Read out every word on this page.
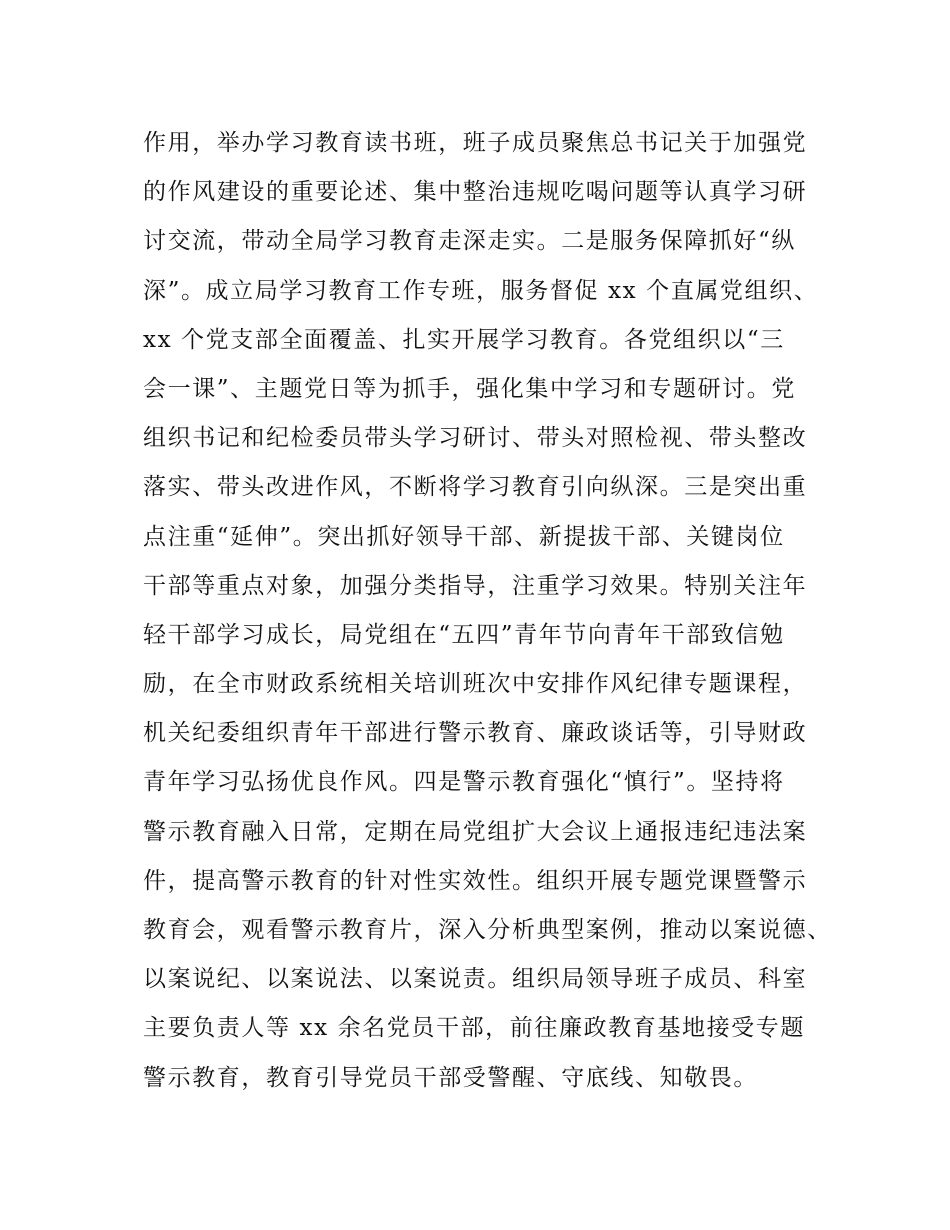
作用，举办学习教育读书班，班子成员聚焦总书记关于加强党
的作风建设的重要论述、集中整治违规吃喝问题等认真学习研
讨交流，带动全局学习教育走深走实。二是服务保障抓好“纵
深”。成立局学习教育工作专班，服务督促 xx 个直属党组织、
xx 个党支部全面覆盖、扎实开展学习教育。各党组织以“三
会一课”、主题党日等为抓手，强化集中学习和专题研讨。党
组织书记和纪检委员带头学习研讨、带头对照检视、带头整改
落实、带头改进作风，不断将学习教育引向纵深。三是突出重
点注重“延伸”。突出抓好领导干部、新提拔干部、关键岗位
干部等重点对象，加强分类指导，注重学习效果。特别关注年
轻干部学习成长，局党组在“五四”青年节向青年干部致信勉
励，在全市财政系统相关培训班次中安排作风纪律专题课程，
机关纪委组织青年干部进行警示教育、廉政谈话等，引导财政
青年学习弘扬优良作风。四是警示教育强化“慎行”。坚持将
警示教育融入日常，定期在局党组扩大会议上通报违纪违法案
件，提高警示教育的针对性实效性。组织开展专题党课暨警示
教育会，观看警示教育片，深入分析典型案例，推动以案说德、
以案说纪、以案说法、以案说责。组织局领导班子成员、科室
主要负责人等 xx 余名党员干部，前往廉政教育基地接受专题
警示教育，教育引导党员干部受警醒、守底线、知敬畏。
